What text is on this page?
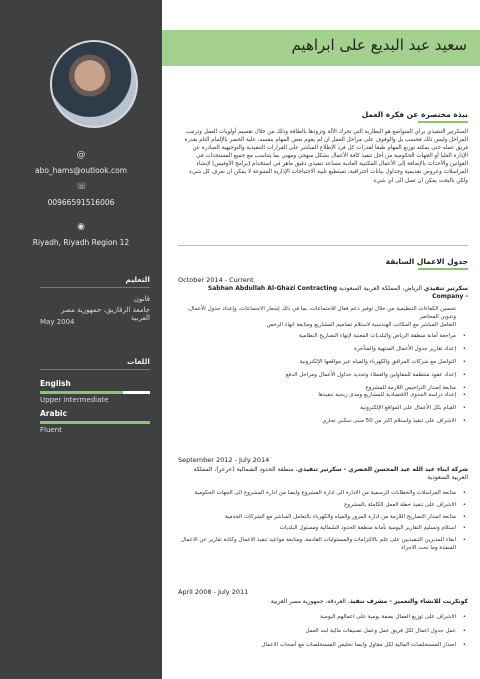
@
abo_hams@outlook.com
☏
00966591516006
◉
Riyadh, Riyadh Region 12
التعليم
قانون
جامعة الزقازيق، جمهورية مصر العربية
May 2004
اللغات
English
Upper intermediate
Arabic
Fluent
سعيد عبد البديع على ابراهيم
نبذة مختصرة عن فكرة العمل
السكرتير التنفيذي برأي المتواضع هو البطارية التي تحرك الآلة وتزودها بالطاقة وذلك من خلال تقسيم أولويات العمل وترتيب المراحل وليس ذلك فحسب بل والوقوف على مراحل العمل ان لم يقوم بعض المهام بنفسه، علية الحصر بالإلمام التام بقدرة فريق عمله حتى يمكنه توزيع المهام طبقا لقدرات كل فرد الإطلاع المباشر على القرارات التنفيذية والتوجيهية الصادرة عن الإدارة العليا أو الجهات الحكومية من أجل تنفيذ كافة الأعمال بشكل منهجي ومهني بما يتناسب مع جميع المستجدات في القوانين والأحداث بالإضافة إلى الأعمال المكتبية العادية مساعد تنفيذي دقيق ماهر في استخدام [برامج الأوفيس] لإنشاء المراسلات وعروض تقديمية وجداول بيانات احترافية، تستطيع تلبية الاحتياجات الإدارية المتنوعة لا يمكن ان تعرف كل شيء ولكن بالبحث يمكن ان تصل الى اي شيء
جدول الاعمال السابقة
October 2014 - Current
سكرتير تنفيذي الرياض، المملكة العربية السعودية Sabhan Abdullah Al-Ghazi Contracting Company -
تحسين الكفاءات التنظيمية من خلال توفير دعم فعال للاجتماعات، بما في ذلك إشعار الاجتماعات، وإعداد جدول الأعمال، وتدوين المحاضر
التعامل المباشر مع المكاتب الهندسية لاستلام تصاميم المشاريع ومتابعة انهاء الرخص
• مراجعة أمانة منطقة الرياض والبلديات المعنية لإنهاء التصاريح النظامية
• إعداد تقارير جدول الأعمال المنتهية والمتأخرة
• التواصل مع شركات المرافق والكهرباء والمياه عبر مواقعها الإلكترونية
• إعداد عقود منتظمة للمقاولين والعملاء وتحديد جداول الأعمال ومراحل الدفع
• متابعة إصدار التراخيص اللازمة للمشروع
• إعداد دراسة الجدوى الاقتصادية للمشاريع ومدى ربحية تنفيذها
• القيام بكل الأعمال على المواقع الإلكترونية
• الاشراف على تنفيذ واستلام اكثر من 50 مبنى سكني تجاري
September 2012 - July 2014
شركة ابناء عبد الله عبد المحسن الخضري - سكرتير تنفيذي، منطقة الحدود الشمالية (عرعر)، المملكة العربية السعودية
• متابعة المراسلات والخطابات الرسمية من الادارة الى ادارة المشروع وايضا من ادارة المشروع الى الجهات الحكومية
• الاشراف على تنفيذ خطة العمل الكاملة بالمشروع
• متابعة اصدار التصاريح اللازمة من ادارة المرور والمياه والكهرباء بالتعامل المباشر مع الشركات الخدمية
• استلام وتسليم التقارير اليومية بأمانة منطقة الحدود الشمالية ومسئول البلديات
• ابقاء المديرين التنفيذيين على علم بالالتزامات والمسئوليات القادمة، ومتابعة مواعيد تنفيذ الاعمال وكتابة تقارير عن الاعمال المنفذة وما تحت الاجراء
April 2008 - July 2011
كونكريت للانشاء والتعمير - مشرف تنفيذ، الغردقة، جمهورية مصر العربية
• الاشراف على توزيع العمال بصفة يومية على اعمالهم اليومية
• عمل جدول اعمال لكل فريق عمل وعمل تصنيفات مالية لبند العمل
• اصدار المستخلصات المالية لكل مقاول وايضا تخليص المستخلصات مع أصحاب الاعمال
